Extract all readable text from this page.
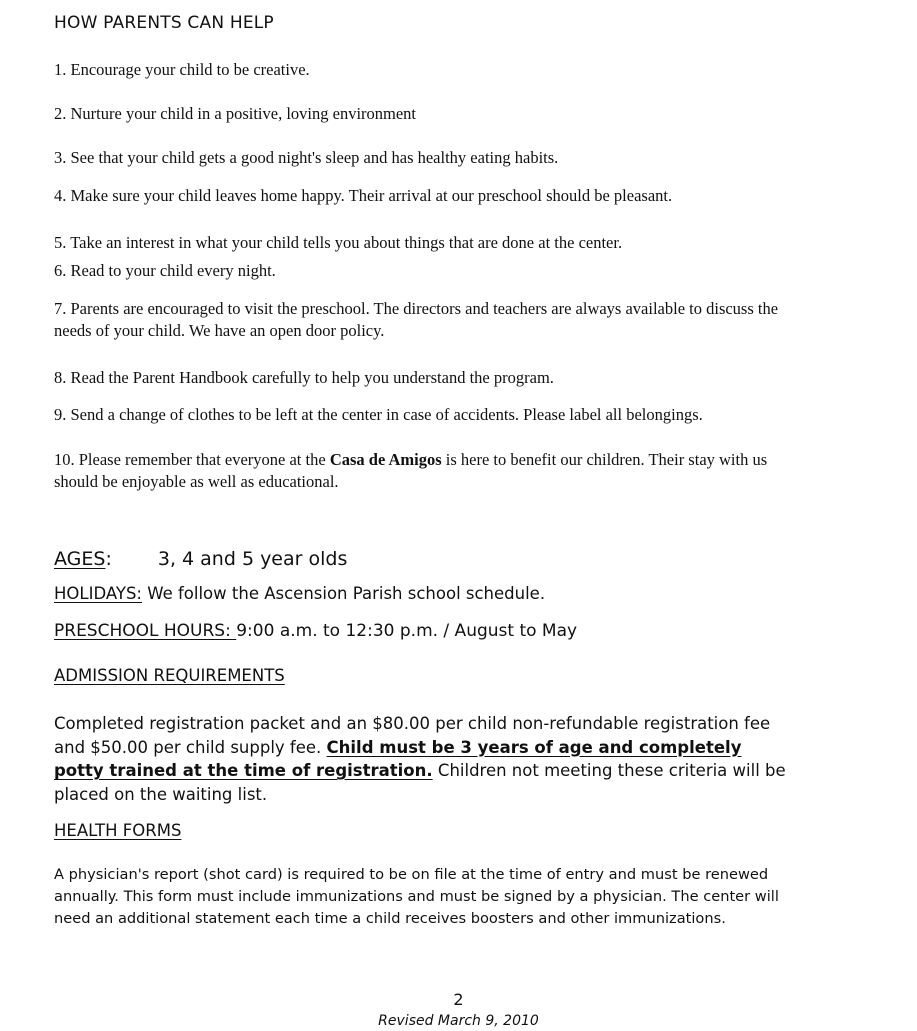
HOW PARENTS CAN HELP
1. Encourage your child to be creative.
2. Nurture your child in a positive, loving environment
3. See that your child gets a good night's sleep and has healthy eating habits.
4. Make sure your child leaves home happy. Their arrival at our preschool should be pleasant.
5. Take an interest in what your child tells you about things that are done at the center.
6. Read to your child every night.
7. Parents are encouraged to visit the preschool. The directors and teachers are always available to discuss the needs of your child. We have an open door policy.
8. Read the Parent Handbook carefully to help you understand the program.
9. Send a change of clothes to be left at the center in case of accidents. Please label all belongings.
10. Please remember that everyone at the Casa de Amigos is here to benefit our children. Their stay with us should be enjoyable as well as educational.
AGES: 3, 4 and 5 year olds
HOLIDAYS: We follow the Ascension Parish school schedule.
PRESCHOOL HOURS: 9:00 a.m. to 12:30 p.m. / August to May
ADMISSION REQUIREMENTS
Completed registration packet and an $80.00 per child non-refundable registration fee and $50.00 per child supply fee. Child must be 3 years of age and completely potty trained at the time of registration. Children not meeting these criteria will be placed on the waiting list.
HEALTH FORMS
A physician's report (shot card) is required to be on file at the time of entry and must be renewed annually. This form must include immunizations and must be signed by a physician. The center will need an additional statement each time a child receives boosters and other immunizations.
2
Revised March 9, 2010
